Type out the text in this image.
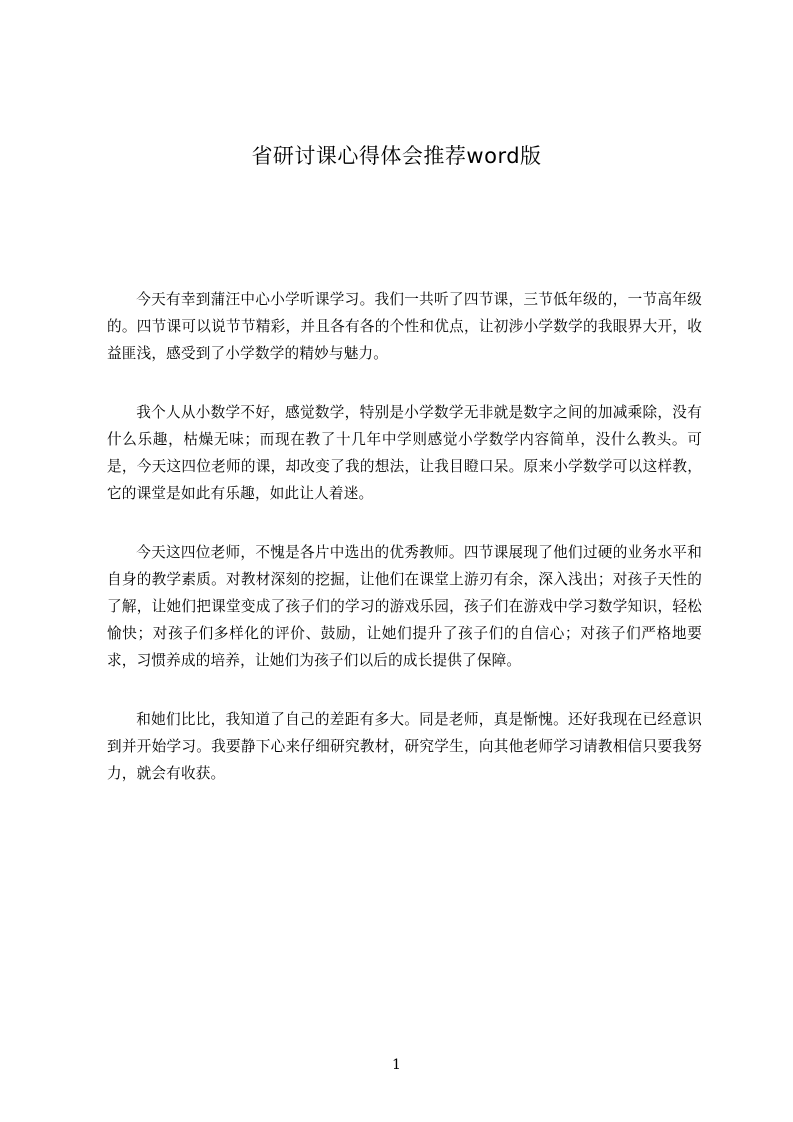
省研讨课心得体会推荐word版

今天有幸到蒲汪中心小学听课学习。我们一共听了四节课，三节低年级的，一节高年级的。四节课可以说节节精彩，并且各有各的个性和优点，让初涉小学数学的我眼界大开，收益匪浅，感受到了小学数学的精妙与魅力。

我个人从小数学不好，感觉数学，特别是小学数学无非就是数字之间的加减乘除，没有什么乐趣，枯燥无味；而现在教了十几年中学则感觉小学数学内容简单，没什么教头。可是，今天这四位老师的课，却改变了我的想法，让我目瞪口呆。原来小学数学可以这样教，它的课堂是如此有乐趣，如此让人着迷。

今天这四位老师，不愧是各片中选出的优秀教师。四节课展现了他们过硬的业务水平和自身的教学素质。对教材深刻的挖掘，让他们在课堂上游刃有余，深入浅出；对孩子天性的了解，让她们把课堂变成了孩子们的学习的游戏乐园，孩子们在游戏中学习数学知识，轻松愉快；对孩子们多样化的评价、鼓励，让她们提升了孩子们的自信心；对孩子们严格地要求，习惯养成的培养，让她们为孩子们以后的成长提供了保障。

和她们比比，我知道了自己的差距有多大。同是老师，真是惭愧。还好我现在已经意识到并开始学习。我要静下心来仔细研究教材，研究学生，向其他老师学习请教相信只要我努力，就会有收获。

1
